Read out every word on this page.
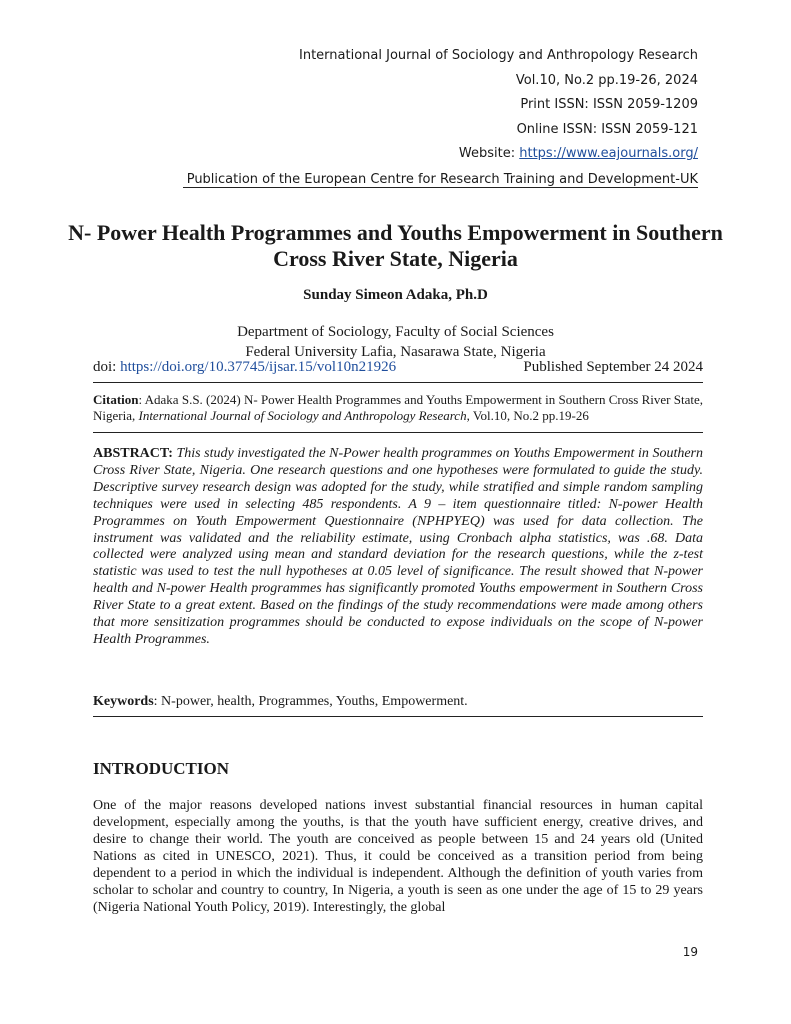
International Journal of Sociology and Anthropology Research
Vol.10, No.2 pp.19-26, 2024
Print ISSN: ISSN 2059-1209
Online ISSN: ISSN 2059-121
Website: https://www.eajournals.org/
Publication of the European Centre for Research Training and Development-UK
N- Power Health Programmes and Youths Empowerment in Southern Cross River State, Nigeria
Sunday Simeon Adaka, Ph.D
Department of Sociology, Faculty of Social Sciences
Federal University Lafia, Nasarawa State, Nigeria
doi: https://doi.org/10.37745/ijsar.15/vol10n21926	Published September 24 2024
Citation: Adaka S.S. (2024) N- Power Health Programmes and Youths Empowerment in Southern Cross River State, Nigeria, International Journal of Sociology and Anthropology Research, Vol.10, No.2 pp.19-26
ABSTRACT: This study investigated the N-Power health programmes on Youths Empowerment in Southern Cross River State, Nigeria. One research questions and one hypotheses were formulated to guide the study. Descriptive survey research design was adopted for the study, while stratified and simple random sampling techniques were used in selecting 485 respondents. A 9 – item questionnaire titled: N-power Health Programmes on Youth Empowerment Questionnaire (NPHPYEQ) was used for data collection. The instrument was validated and the reliability estimate, using Cronbach alpha statistics, was .68. Data collected were analyzed using mean and standard deviation for the research questions, while the z-test statistic was used to test the null hypotheses at 0.05 level of significance. The result showed that N-power health and N-power Health programmes has significantly promoted Youths empowerment in Southern Cross River State to a great extent. Based on the findings of the study recommendations were made among others that more sensitization programmes should be conducted to expose individuals on the scope of N-power Health Programmes.
Keywords: N-power, health, Programmes, Youths, Empowerment.
INTRODUCTION
One of the major reasons developed nations invest substantial financial resources in human capital development, especially among the youths, is that the youth have sufficient energy, creative drives, and desire to change their world. The youth are conceived as people between 15 and 24 years old (United Nations as cited in UNESCO, 2021). Thus, it could be conceived as a transition period from being dependent to a period in which the individual is independent. Although the definition of youth varies from scholar to scholar and country to country, In Nigeria, a youth is seen as one under the age of 15 to 29 years (Nigeria National Youth Policy, 2019). Interestingly, the global
19
